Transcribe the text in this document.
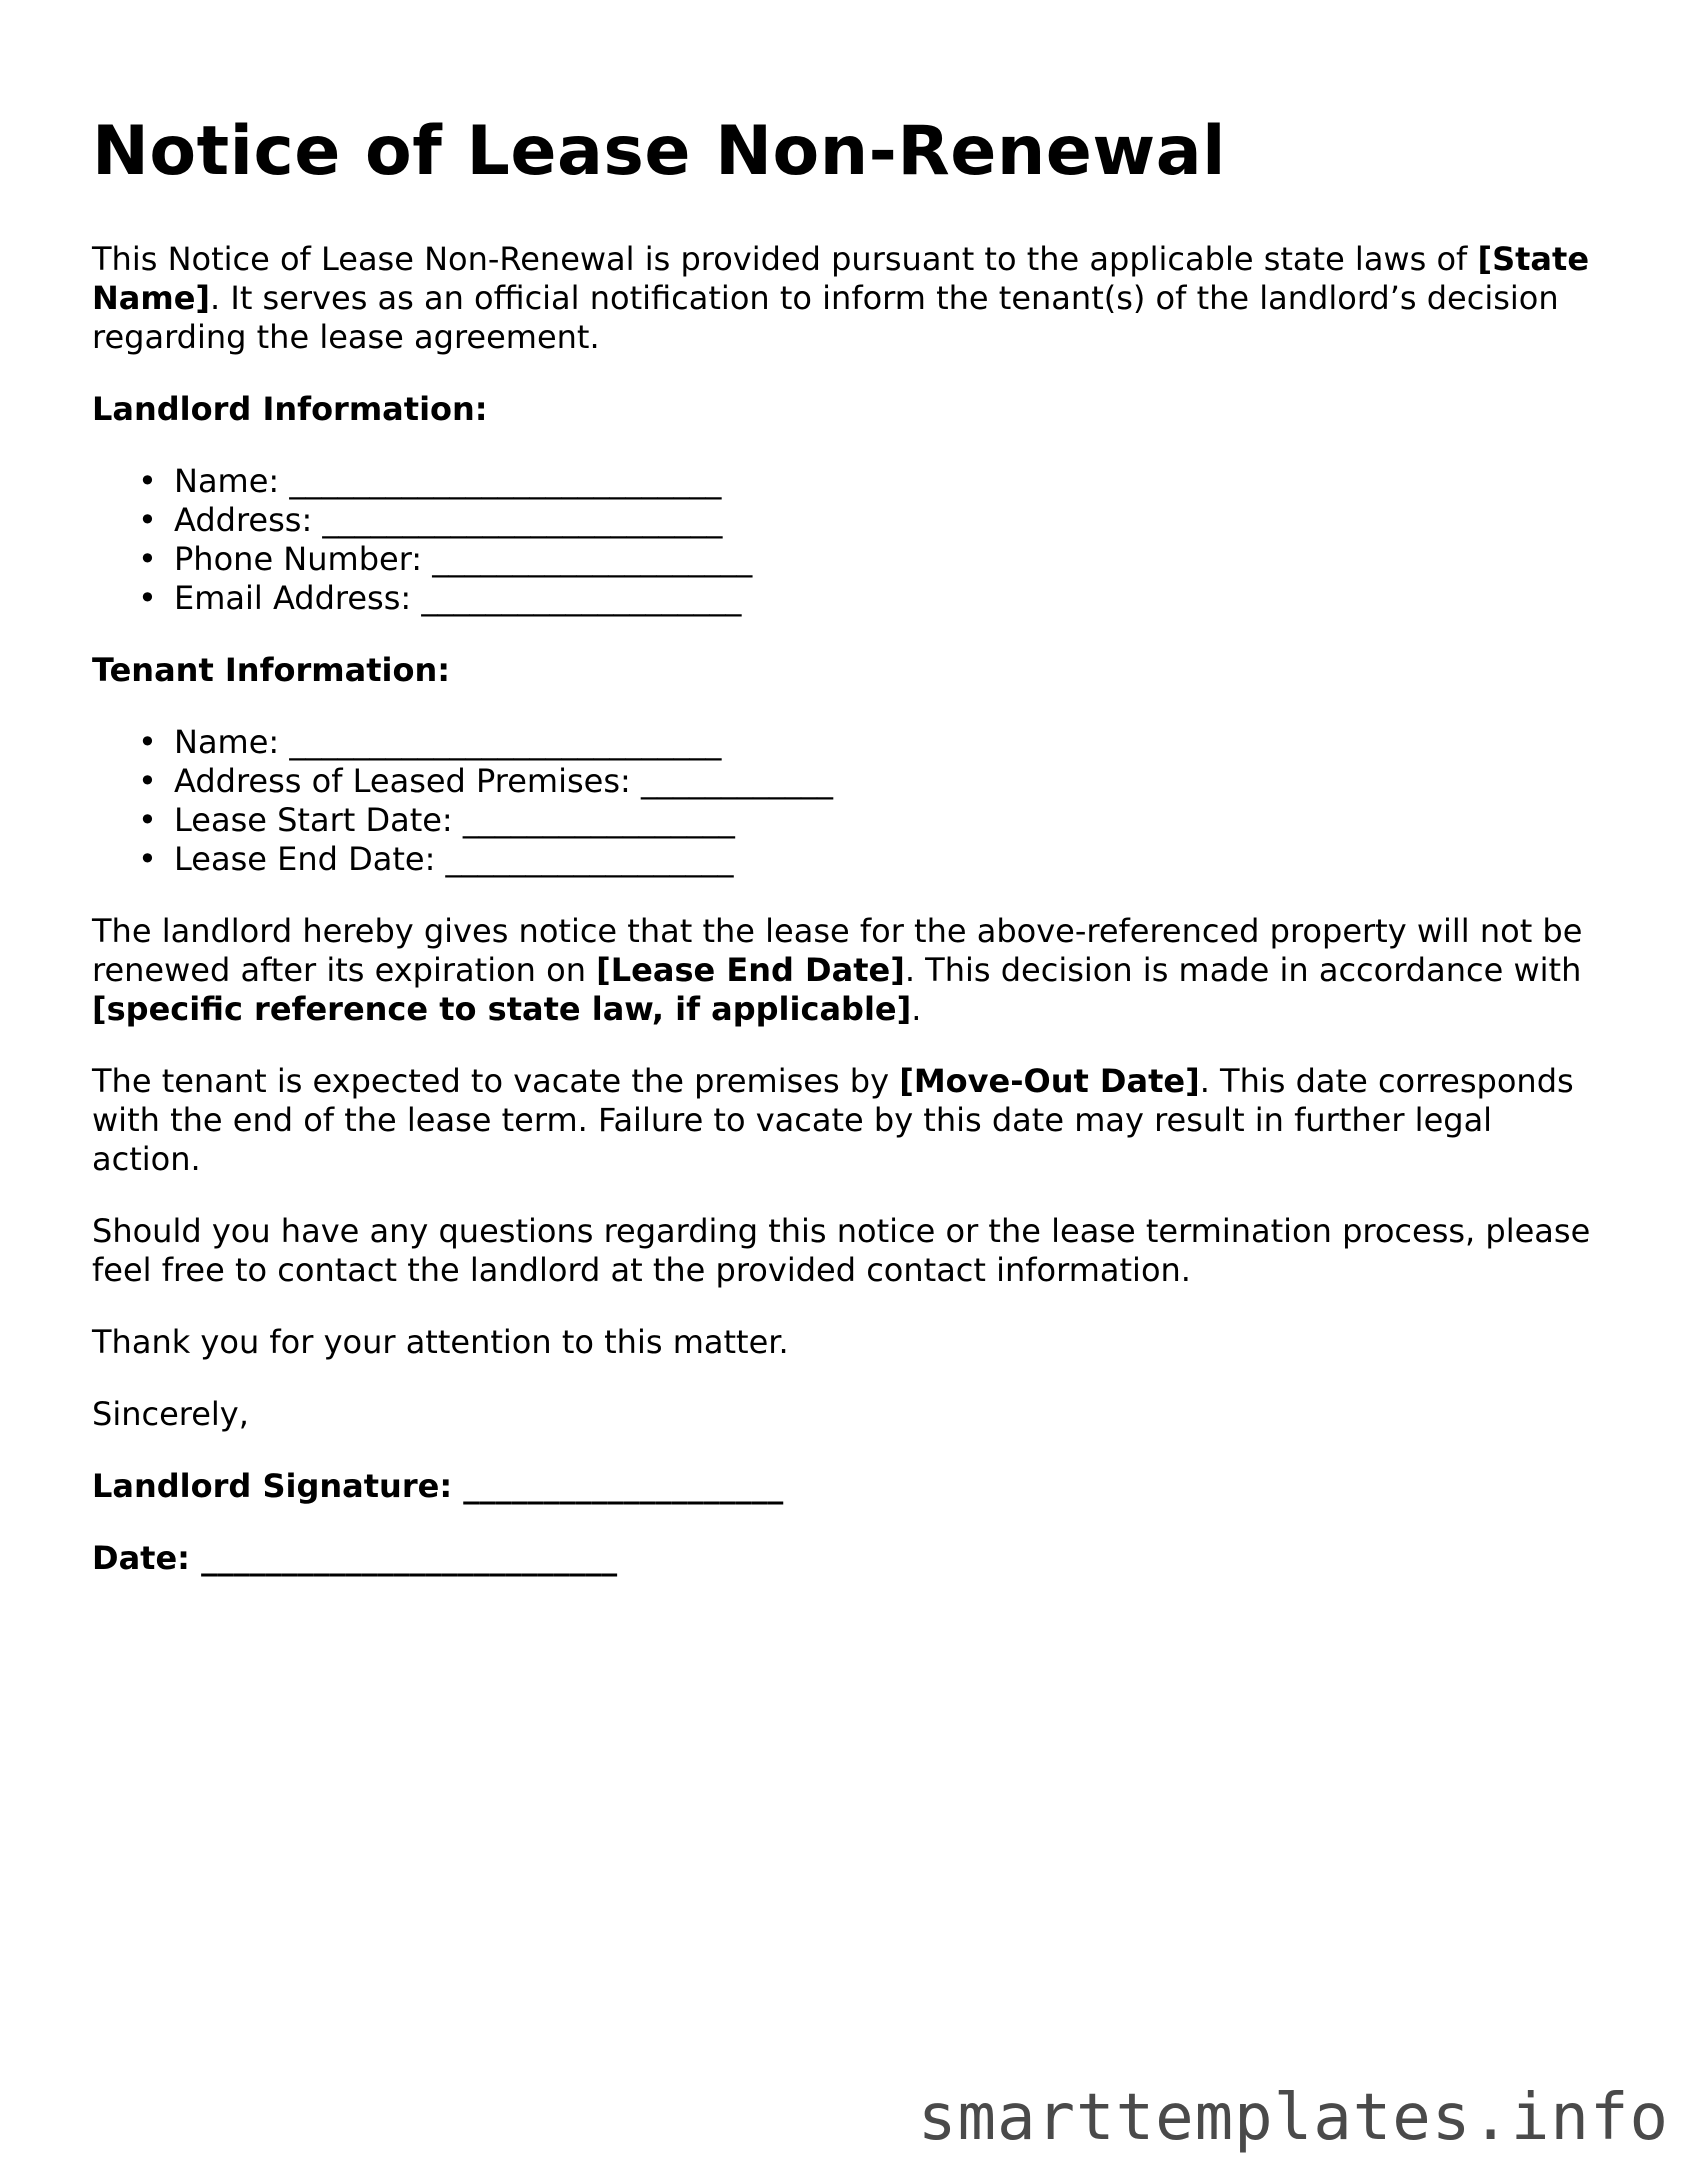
Notice of Lease Non-Renewal

This Notice of Lease Non-Renewal is provided pursuant to the applicable state laws of [State Name]. It serves as an official notification to inform the tenant(s) of the landlord’s decision regarding the lease agreement.

Landlord Information:

• Name: ___________________________
• Address: _________________________
• Phone Number: ____________________
• Email Address: ____________________

Tenant Information:

• Name: ___________________________
• Address of Leased Premises: ____________
• Lease Start Date: _________________
• Lease End Date: __________________

The landlord hereby gives notice that the lease for the above-referenced property will not be renewed after its expiration on [Lease End Date]. This decision is made in accordance with [specific reference to state law, if applicable].

The tenant is expected to vacate the premises by [Move-Out Date]. This date corresponds with the end of the lease term. Failure to vacate by this date may result in further legal action.

Should you have any questions regarding this notice or the lease termination process, please feel free to contact the landlord at the provided contact information.

Thank you for your attention to this matter.

Sincerely,

Landlord Signature: ____________________

Date: __________________________

smarttemplates.info
